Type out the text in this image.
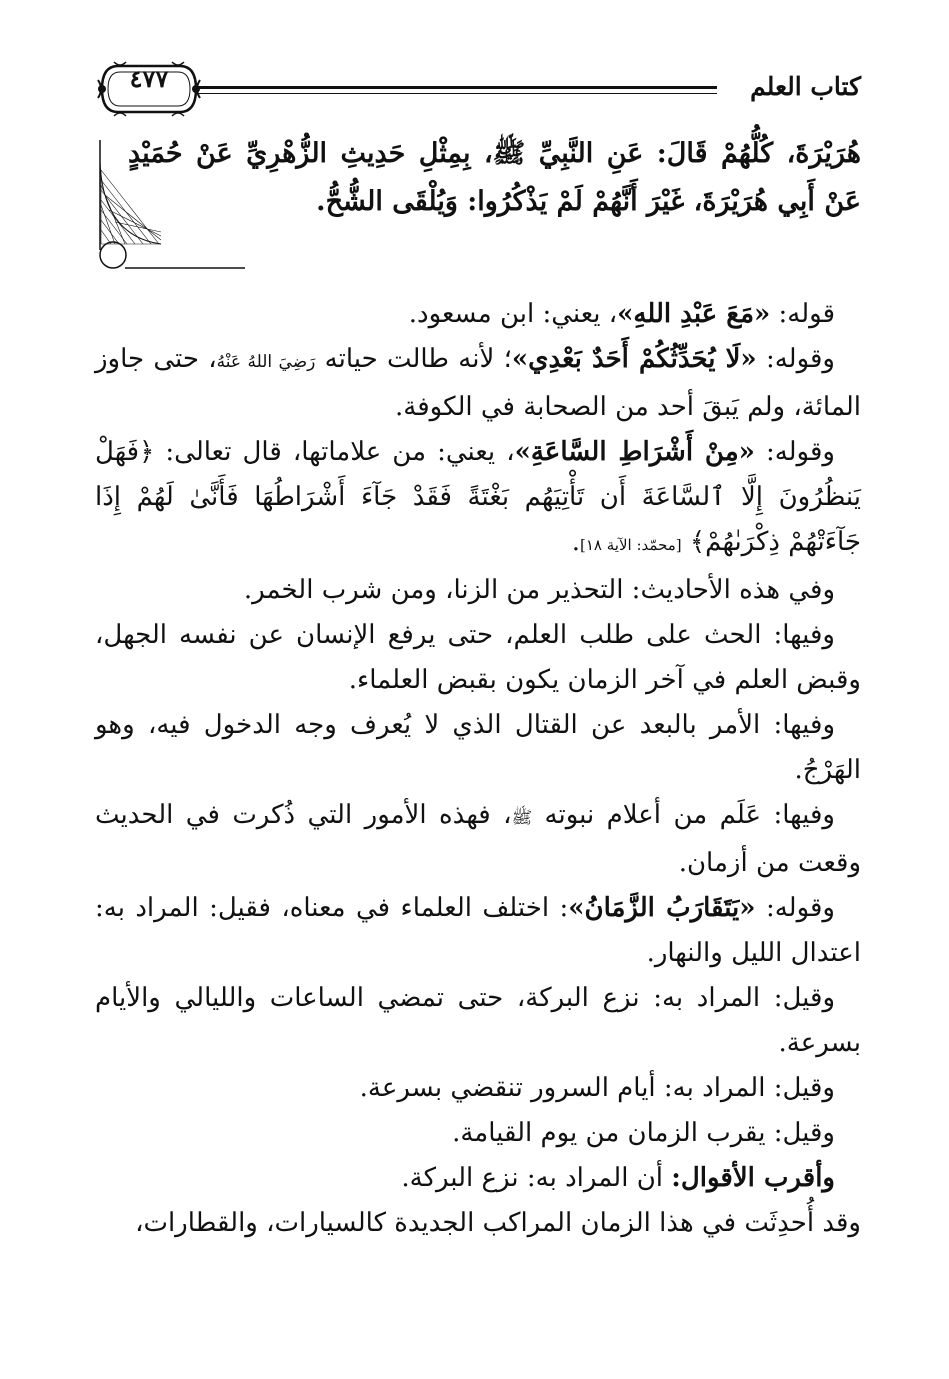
كتاب العلم
٤٧٧
هُرَيْرَةَ، كُلُّهُمْ قَالَ: عَنِ النَّبِيِّ ﷺ، بِمِثْلِ حَدِيثِ الزُّهْرِيِّ عَنْ حُمَيْدٍ عَنْ أَبِي هُرَيْرَةَ، غَيْرَ أَنَّهُمْ لَمْ يَذْكُرُوا: وَيُلْقَى الشُّحُّ.

قوله: «مَعَ عَبْدِ اللهِ»، يعني: ابن مسعود.

وقوله: «لَا يُحَدِّثُكُمْ أَحَدٌ بَعْدِي»؛ لأنه طالت حياته رَضِيَ اللهُ عَنْهُ، حتى جاوز المائة، ولم يَبقَ أحد من الصحابة في الكوفة.

وقوله: «مِنْ أَشْرَاطِ السَّاعَةِ»، يعني: من علاماتها، قال تعالى: ﴿فَهَلْ يَنظُرُونَ إِلَّا ٱلسَّاعَةَ أَن تَأْتِيَهُم بَغْتَةً فَقَدْ جَآءَ أَشْرَاطُهَا فَأَنَّىٰ لَهُمْ إِذَا جَآءَتْهُمْ ذِكْرَىٰهُمْ﴾ [محمّد: الآية ١٨].

وفي هذه الأحاديث: التحذير من الزنا، ومن شرب الخمر.

وفيها: الحث على طلب العلم، حتى يرفع الإنسان عن نفسه الجهل، وقبض العلم في آخر الزمان يكون بقبض العلماء.

وفيها: الأمر بالبعد عن القتال الذي لا يُعرف وجه الدخول فيه، وهو الهَرْجُ.

وفيها: عَلَم من أعلام نبوته ﷺ، فهذه الأمور التي ذُكرت في الحديث وقعت من أزمان.

وقوله: «يَتَقَارَبُ الزَّمَانُ»: اختلف العلماء في معناه، فقيل: المراد به: اعتدال الليل والنهار.

وقيل: المراد به: نزع البركة، حتى تمضي الساعات والليالي والأيام بسرعة.

وقيل: المراد به: أيام السرور تنقضي بسرعة.

وقيل: يقرب الزمان من يوم القيامة.

وأقرب الأقوال: أن المراد به: نزع البركة.

وقد أُحدِثَت في هذا الزمان المراكب الجديدة كالسيارات، والقطارات،
